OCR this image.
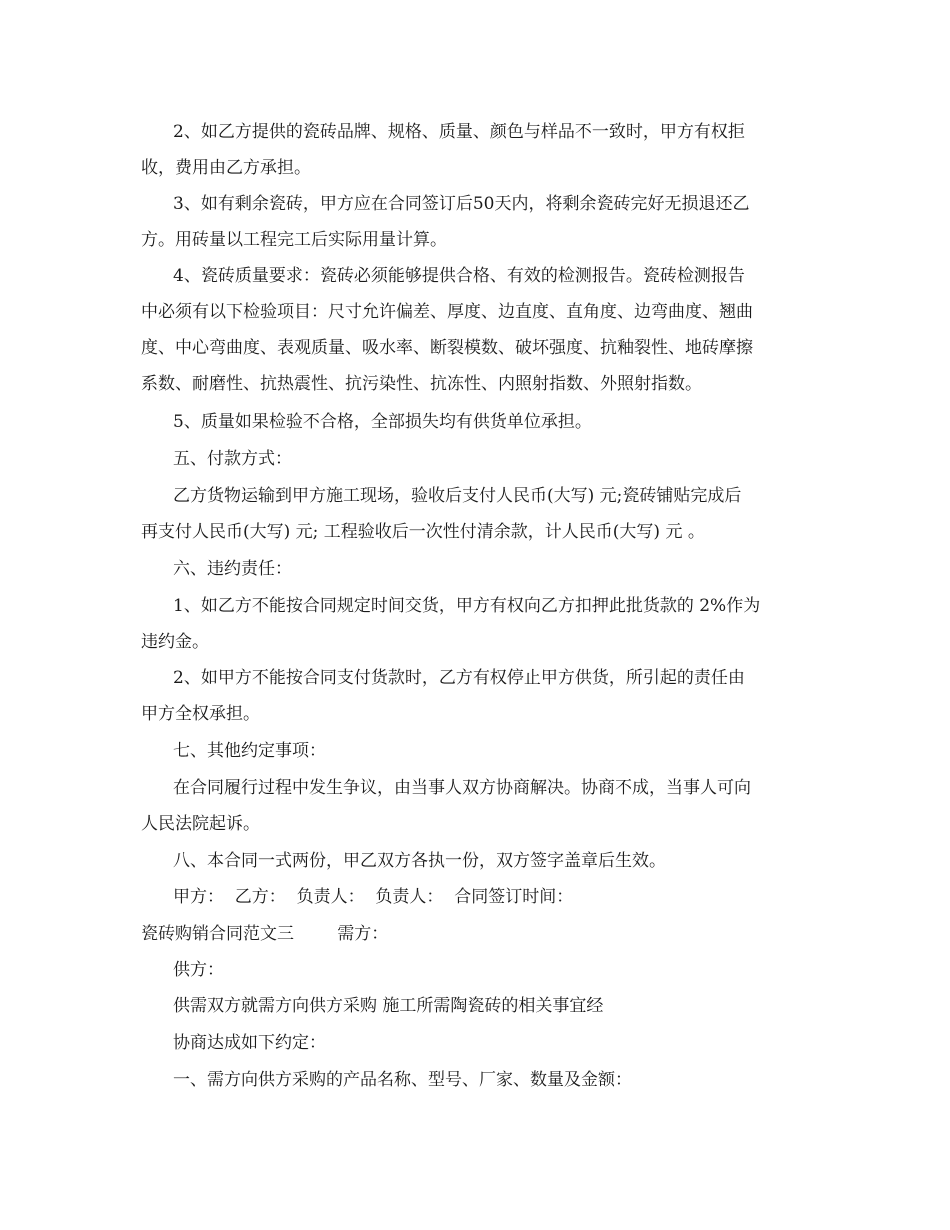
2、如乙方提供的瓷砖品牌、规格、质量、颜色与样品不一致时，甲方有权拒
收，费用由乙方承担。
3、如有剩余瓷砖，甲方应在合同签订后50天内，将剩余瓷砖完好无损退还乙
方。用砖量以工程完工后实际用量计算。
4、瓷砖质量要求：瓷砖必须能够提供合格、有效的检测报告。瓷砖检测报告
中必须有以下检验项目：尺寸允许偏差、厚度、边直度、直角度、边弯曲度、翘曲
度、中心弯曲度、表观质量、吸水率、断裂模数、破坏强度、抗釉裂性、地砖摩擦
系数、耐磨性、抗热震性、抗污染性、抗冻性、内照射指数、外照射指数。
5、质量如果检验不合格，全部损失均有供货单位承担。
五、付款方式：
乙方货物运输到甲方施工现场，验收后支付人民币(大写) 元;瓷砖铺贴完成后
再支付人民币(大写) 元; 工程验收后一次性付清余款，计人民币(大写) 元 。
六、违约责任：
1、如乙方不能按合同规定时间交货，甲方有权向乙方扣押此批货款的 2%作为
违约金。
2、如甲方不能按合同支付货款时，乙方有权停止甲方供货，所引起的责任由
甲方全权承担。
七、其他约定事项：
在合同履行过程中发生争议，由当事人双方协商解决。协商不成，当事人可向
人民法院起诉。
八、本合同一式两份，甲乙双方各执一份，双方签字盖章后生效。
甲方：  乙方：  负责人：  负责人：  合同签订时间：
瓷砖购销合同范文三        需方：
供方：
供需双方就需方向供方采购 施工所需陶瓷砖的相关事宜经
协商达成如下约定：
一、需方向供方采购的产品名称、型号、厂家、数量及金额：
